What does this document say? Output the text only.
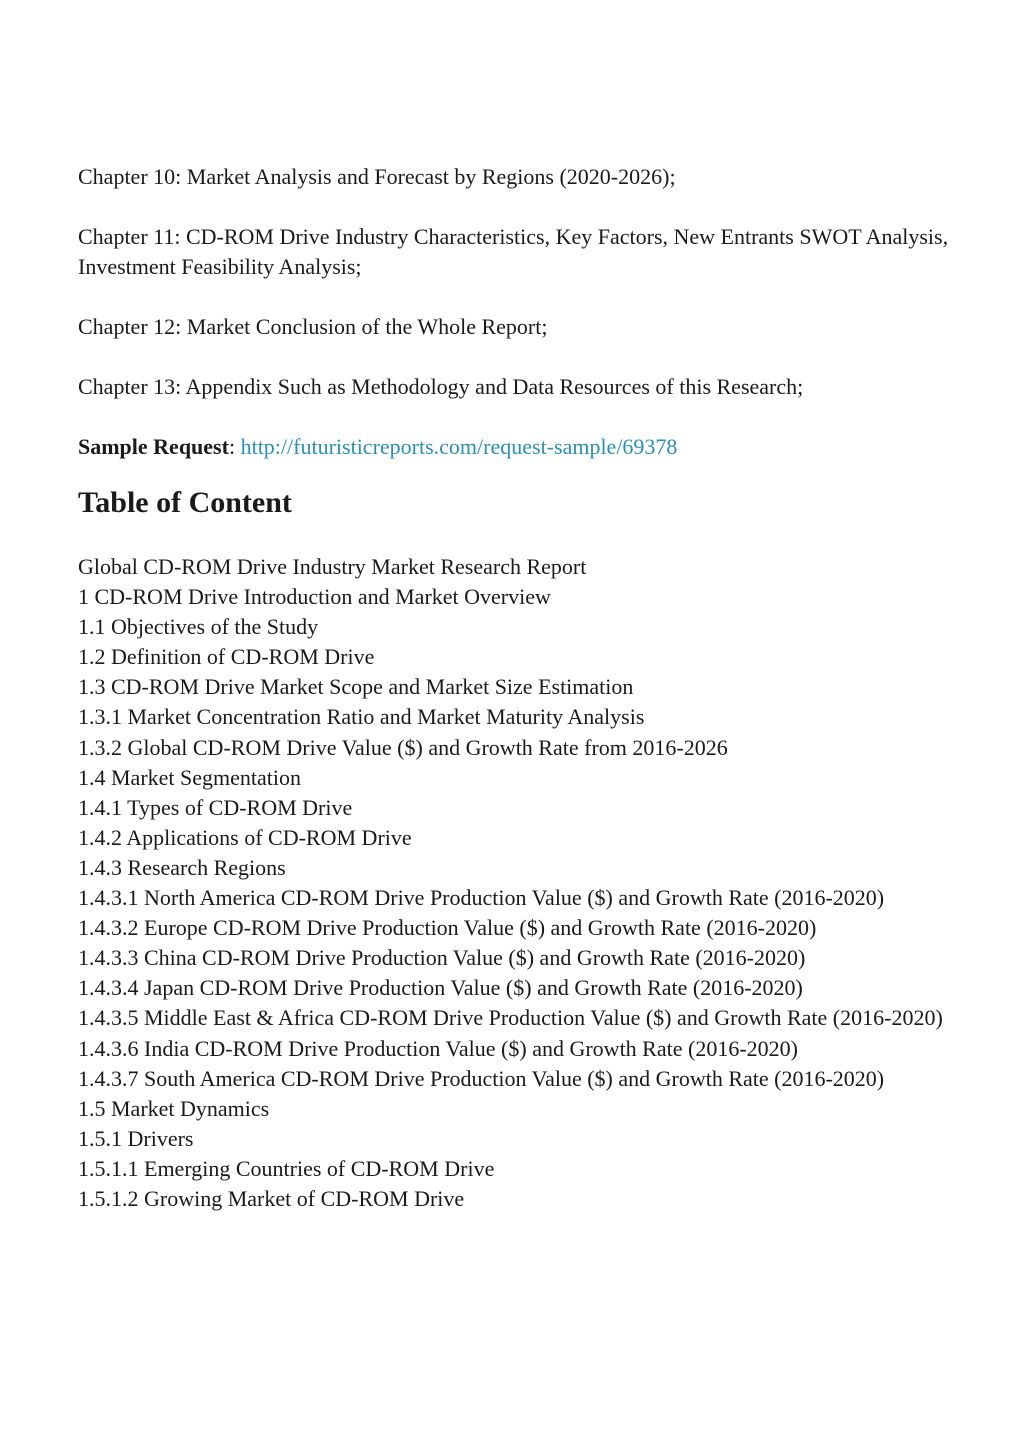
Chapter 10: Market Analysis and Forecast by Regions (2020-2026);

Chapter 11: CD-ROM Drive Industry Characteristics, Key Factors, New Entrants SWOT Analysis, Investment Feasibility Analysis;

Chapter 12: Market Conclusion of the Whole Report;

Chapter 13: Appendix Such as Methodology and Data Resources of this Research;

Sample Request: http://futuristicreports.com/request-sample/69378

Table of Content
Global CD-ROM Drive Industry Market Research Report
1 CD-ROM Drive Introduction and Market Overview
1.1 Objectives of the Study
1.2 Definition of CD-ROM Drive
1.3 CD-ROM Drive Market Scope and Market Size Estimation
1.3.1 Market Concentration Ratio and Market Maturity Analysis
1.3.2 Global CD-ROM Drive Value ($) and Growth Rate from 2016-2026
1.4 Market Segmentation
1.4.1 Types of CD-ROM Drive
1.4.2 Applications of CD-ROM Drive
1.4.3 Research Regions
1.4.3.1 North America CD-ROM Drive Production Value ($) and Growth Rate (2016-2020)
1.4.3.2 Europe CD-ROM Drive Production Value ($) and Growth Rate (2016-2020)
1.4.3.3 China CD-ROM Drive Production Value ($) and Growth Rate (2016-2020)
1.4.3.4 Japan CD-ROM Drive Production Value ($) and Growth Rate (2016-2020)
1.4.3.5 Middle East & Africa CD-ROM Drive Production Value ($) and Growth Rate (2016-2020)
1.4.3.6 India CD-ROM Drive Production Value ($) and Growth Rate (2016-2020)
1.4.3.7 South America CD-ROM Drive Production Value ($) and Growth Rate (2016-2020)
1.5 Market Dynamics
1.5.1 Drivers
1.5.1.1 Emerging Countries of CD-ROM Drive
1.5.1.2 Growing Market of CD-ROM Drive
